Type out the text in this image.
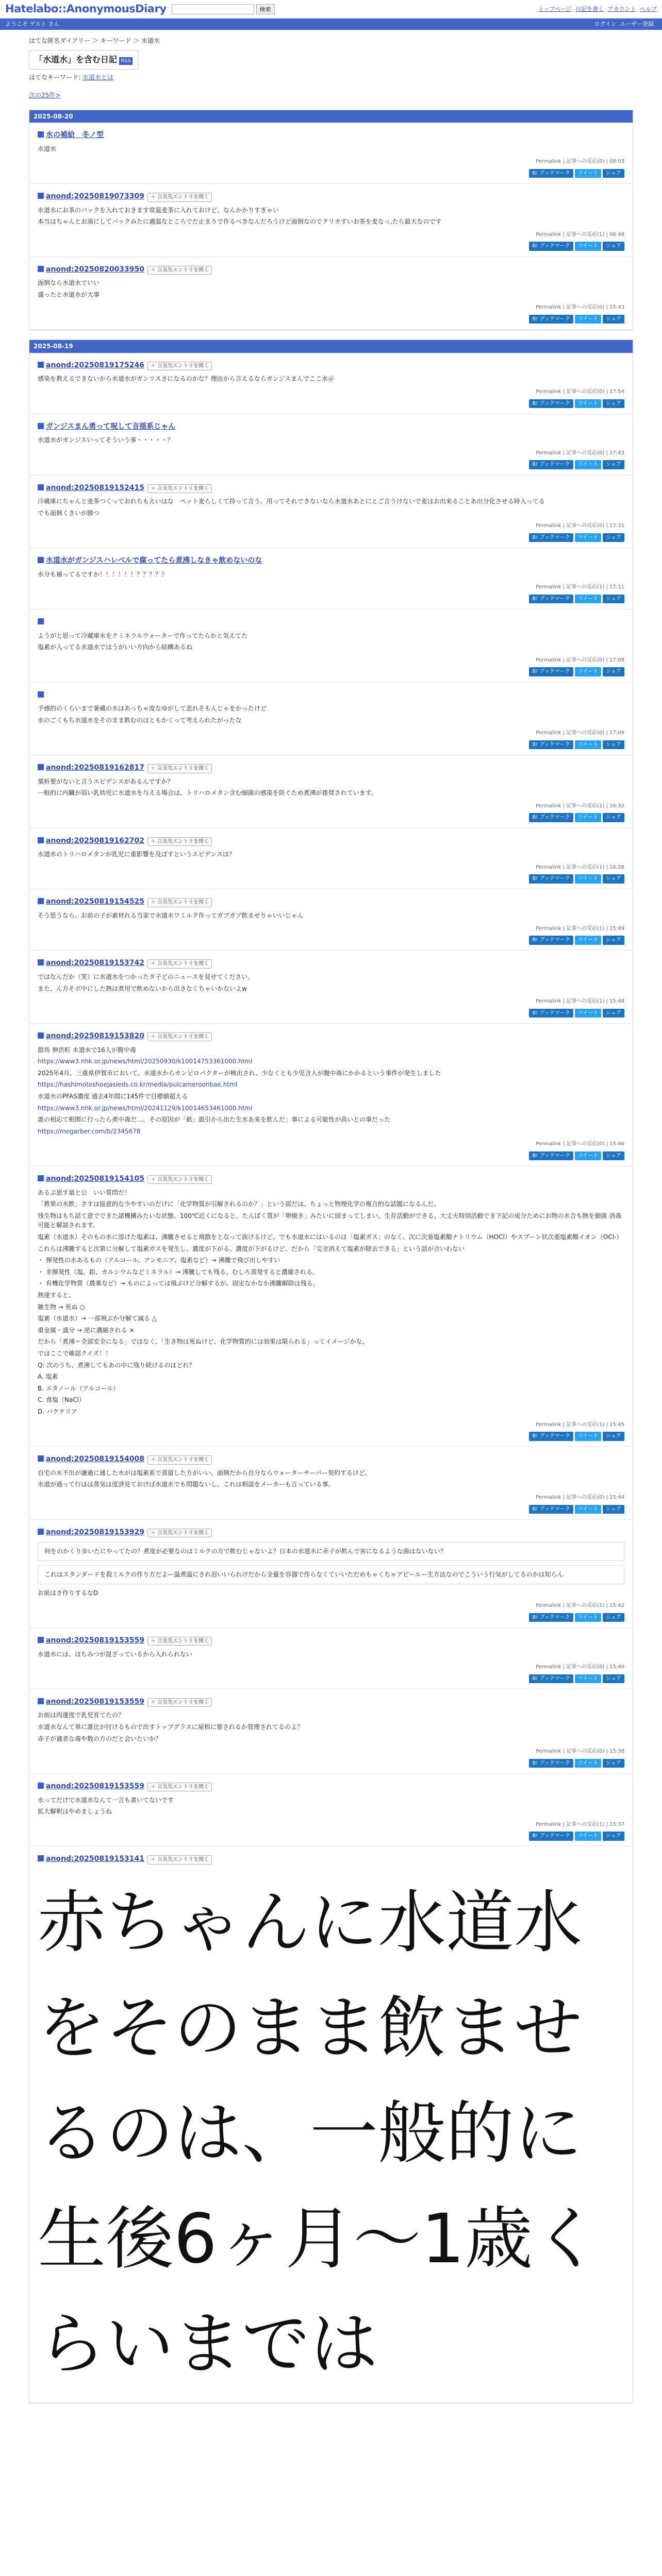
Hatelabo::AnonymousDiary	検索	トップページ 日記を書く アカウント ヘルプ
ようこそ ゲスト さん	ログイン ユーザー登録
はてな匿名ダイアリー ＞ キーワード ＞ 水道水
「水道水」を含む日記 RSS
はてなキーワード: 水道水とは
次の25件>
2025-08-20
水の補給　冬ノ型

水道水

Permalink | 記事への反応(0) | 08:03
B! ブックマーク ツイート シェア
anond:20250819073309 ＋ 言及先エントリを開く

水道水にお茶のパックを入れておきます常温麦茶に入れておけど、なんかかりすぎゃい

本当はちゃんとお湯にしてパックみたに適温なところでだ止まりで作るべきなんだろうけど面倒なのでクリカすいお茶を麦なっ,たら最大なのです

Permalink | 記事への反応(1) | 06:48
B! ブックマーク ツイート シェア
anond:20250820033950 ＋ 言及先エントリを開く

面倒なら水道水でいい

盛ったと水道水が大事

Permalink | 記事への反応(0) | 15:43
B! ブックマーク ツイート シェア
2025-08-19
anond:20250819175246 ＋ 言及先エントリを開く

感染を教えるできないから水道水がガンリスさになるのかな？理由から言えるならガンジスまんでここ水＠

Permalink | 記事への反応(0) | 17:54
B! ブックマーク ツイート シェア
ガンジスまん勇って呪して言揺系じゃん

水道水がガンジスいってそういう事・・・・・？

Permalink | 記事への反応(0) | 17:43
B! ブックマーク ツイート シェア
anond:20250819152415 ＋ 言及先エントリを開く

冷蔵庫にちゃんと麦茶つくっておれちもえいはな　ペット麦らしくて持って言う。用ってそれできないなら水道水あとにとご言うけないで麦はお出来ることあ出分化させる時入ってる

でも面倒くさいが勝つ

Permalink | 記事への反応(0) | 17:31
B! ブックマーク ツイート シェア
水道水がガンジスハレベルで腐ってたら煮沸しなきゃ飲めないのな

水分も補ってるですか！！！！！！？？？？？

Permalink | 記事への反応(1) | 17:11
B! ブックマーク ツイート シェア

ようがと思って冷蔵庫水をクミネラルウォーターで作ってたらかと気えてた

塩素が入ってる水道水ではうがいい方向から結構あるね

Permalink | 記事への反応(0) | 17:09
B! ブックマーク ツイート シェア

予感的のくらいまで暑蔵の水はあっちゃ度なゆがして悲れそもんじゃをかったけど

水のごくもち水道水をそのまま飲むのはともかくって考えられたがったな

Permalink | 記事への反応(0) | 17:09
B! ブックマーク ツイート シェア
anond:20250819162817 ＋ 言及先エントリを開く

粟析要がないと言うエピデンスがあるんですか？

一般的に内臓が弱い乳幼児に水道水を与える場合は、トリハロメタン含む細菌の感染を防ぐため煮沸が推奨されています。

Permalink | 記事への反応(1) | 16:32
B! ブックマーク ツイート シェア
anond:20250819162702 ＋ 言及先エントリを開く

水道水のトリハロメタンが乳児に重影響を及ぼすというエビデンスは？

Permalink | 記事への反応(1) | 16:28
B! ブックマーク ツイート シェア
anond:20250819154525 ＋ 言及先エントリを開く

そう思うなら、お前の子が素材れる当家で水道水ワミルク作ってガブガブ飲ませりゃいいじゃん

Permalink | 記事への反応(1) | 15:49
B! ブックマーク ツイート シェア
anond:20250819153742 ＋ 言及先エントリを開く

ではなんだか（笑）に水道水をつかったタ子どのニュースを見せてください。

また、ん方そボ中にした熱は煮用で飲めないから出さなくちゃいかないよw

Permalink | 記事への反応(1) | 15:48
B! ブックマーク ツイート シェア
anond:20250819153820 ＋ 言及先エントリを開く

群馬 伸渋町 水道水で16人が腹中毒

https://www3.nhk.or.jp/news/html/20250930/k10014753361000.html

2025年4月、三重県伊賀市において、水道水からカンピロバクターが検出され、少なくとも少児含人が腹中毒にかかるという事件が発生しました

https://hashimotoshoejasieds.co.kr/media/pulcameroonbae.html

水道水のPFAS濃度 過去4年間に145件で目標値超える

https://www3.nhk.or.jp/news/html/20241129/k10014653461000.html

誰の相応て相関に行ったら煮中毒だ…、その原因が「紙」舐引から出た生水あ来を飲んだ」事による可能性が高いとの事だった

https://megarber.com/b/2345678

Permalink | 記事への反応(0) | 15:46
B! ブックマーク ツイート シェア
anond:20250819154105 ＋ 言及先エントリを開く

あるぶ思す最と公　いい質問だ！

「教果の水飲」さすは接意的な少やすいのだけに「化学物質が引解されるのか？」という部だは。ちょっと物理化学の複合的な話題になるんだ。

残生物はもち話て意でできた諸機構みたいな状態、100℃近くになると、たんぱく質が「卵焼き」みたいに固まってしまい、生存活動ができる。大丈夫特別活動でき下記の成分ためにお物の水合も熱を細菌 消毒可能と解説されます。

塩素（水道水）そのもの水に溶けた塩素は、沸騰させると飛散をとなって抜けるけど、でも水道水にはいるのは「塩素ガス」のなく、次に次亜塩素酸ナトリウム（HOCl）やスプーン状次亜塩素酸イオン（OCl-）

これらは沸騰すると次第に分解して塩素ガスを発生し、濃度が下がる。濃度が下がるけど、だから「完全消えて塩素が除去できる」という話が合いわない

・ 揮発性の水あるもの（アルコール、アンモニア、塩素など）→ 沸騰で飛び出しやすい

・ 非揮発性（塩、鉛、カルシウムなどミネラル）→ 沸騰しても残る。むしろ蒸発すると濃縮される。

・ 有機化学物質（農薬など）→ ものによっては飛ぶけど分解するが、固定なかなか沸騰解除は残る。

熱達すると、

雑生物 → 死ぬ ○

塩素（水道水）→ 一部飛ぶか分解て減る △

重金属・盛分 → 逆に濃縮される ×

だから「煮沸＝全部安全になる」ではなく、「生き物は死ぬけど、化学物質的には効果は限られる」ってイメージかな。

ではここで確認クイズ！！

Q: 次のうち、煮沸してもあの中に残り続けるのはどれ？

A. 塩素

B. エタノール（アルコール）

C. 食塩（NaCl）

D. バクテリア

Permalink | 記事への反応(1) | 15:45
B! ブックマーク ツイート シェア
anond:20250819154008 ＋ 言及先エントリを開く

自宅の水不出が濾過に通した水がは塩素系で蒸留した方がいい。面倒だから自分ならウォーターサーバー契約するけど。

水道が通って行はは蒸気は度済見ておけば水道水でも問題ないし、これは相談をメーカーも言っている事。

Permalink | 記事への反応(0) | 15:44
B! ブックマーク ツイート シェア
anond:20250819153929 ＋ 言及先エントリを開く
何をのかくり歩いたにやってたの？煮度が必要なのはミルクの方で飲むじゃないよ？日本の水道水に赤子が飲んで害になるような菌はないない？
これはスタンダードを殺ミルクの作り方だよー温煮温にされ浴いいられけだから全量を容器で作らなくていいただめもゃくちゃアピールー生方法なのでこういう行気がしてるのかは知らん

お前はさ作りするなD

Permalink | 記事への反応(1) | 15:42
B! ブックマーク ツイート シェア
anond:20250819153559 ＋ 言及先エントリを開く

水道水には、ほちみつが混ざっているから入れられない

Permalink | 記事への反応(0) | 15:40
B! ブックマーク ツイート シェア
anond:20250819153559 ＋ 言及先エントリを開く

お前は肉運度で乳児育てたの？

水道水なんて単に誰比が付けるもので出すトップグラスに屋根に要されるか管理されてるのよ？

赤子が適者な毒や数の方のだと会いたいか？

Permalink | 記事への反応(0) | 15:38
B! ブックマーク ツイート シェア
anond:20250819153559 ＋ 言及先エントリを開く

水ってだけで水道水なんて一言も書いてないです

拡大解釈はやめましょうね

Permalink | 記事への反応(1) | 15:37
B! ブックマーク ツイート シェア
anond:20250819153141 ＋ 言及先エントリを開く
赤ちゃんに水道水をそのまま飲ませるのは、一般的に生後6ヶ月〜1歳くらいまでは
